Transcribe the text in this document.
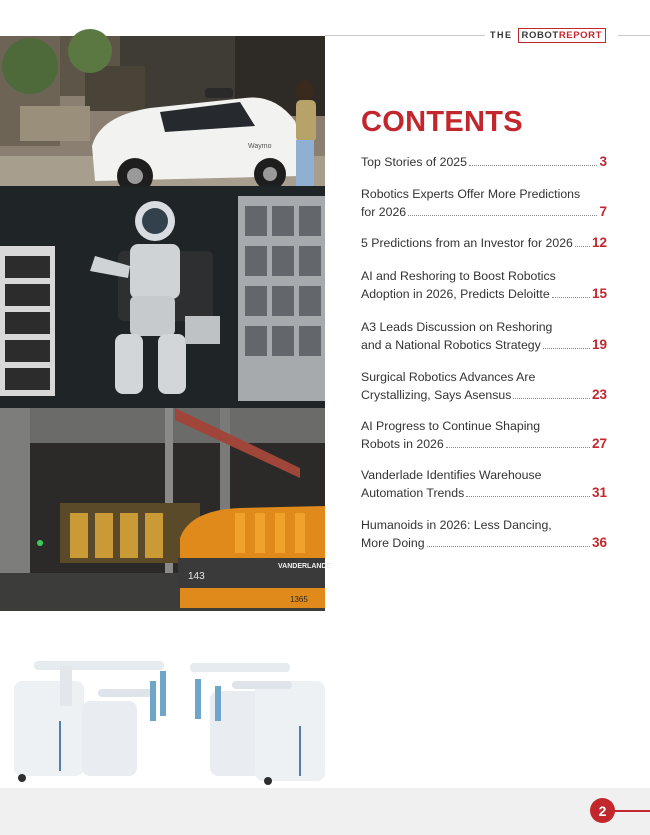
THE ROBOT REPORT
Waymo
143
VANDERLANDE
1365
CONTENTS
Top Stories of 2025	3
Robotics Experts Offer More Predictions
for 2026	7
5 Predictions from an Investor for 2026 12
AI and Reshoring to Boost Robotics
Adoption in 2026, Predicts Deloitte	15
A3 Leads Discussion on Reshoring
and a National Robotics Strategy	19
Surgical Robotics Advances Are
Crystallizing, Says Asensus	23
AI Progress to Continue Shaping
Robots in 2026	27
Vanderlade Identifies Warehouse
Automation Trends	31
Humanoids in 2026: Less Dancing,
More Doing	36
2
